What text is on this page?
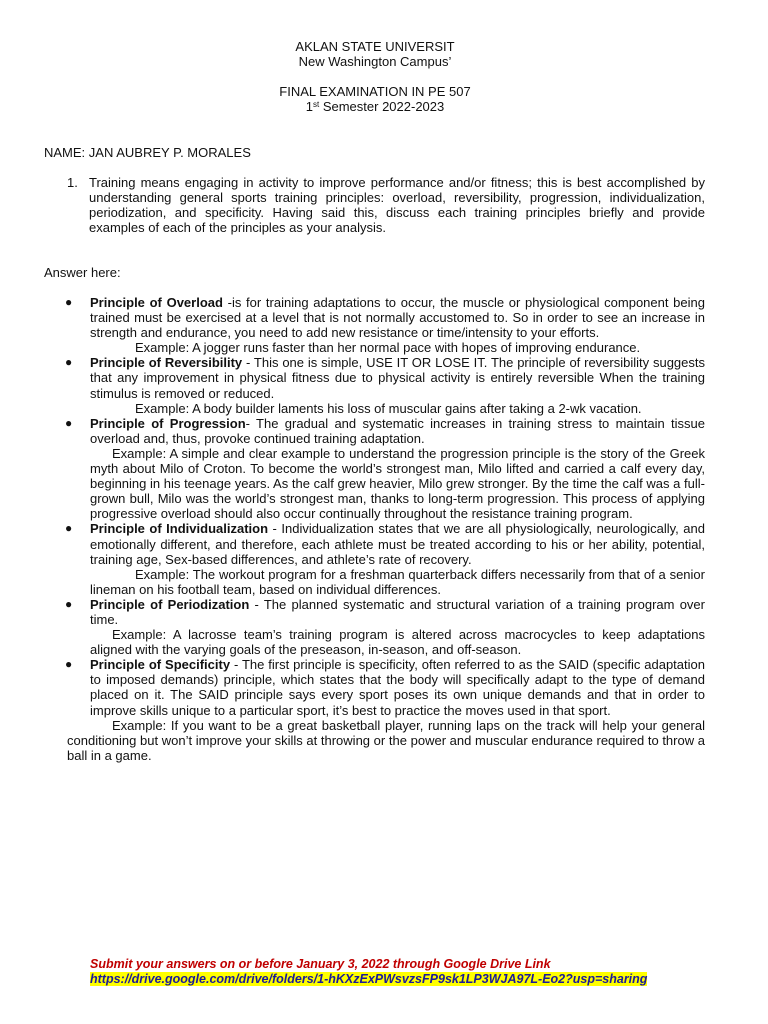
AKLAN STATE UNIVERSIT
New Washington Campus’
FINAL EXAMINATION IN PE 507
1st Semester 2022-2023
NAME: JAN AUBREY P. MORALES
1. Training means engaging in activity to improve performance and/or fitness; this is best accomplished by understanding general sports training principles: overload, reversibility, progression, individualization, periodization, and specificity. Having said this, discuss each training principles briefly and provide examples of each of the principles as your analysis.
Answer here:
● Principle of Overload -is for training adaptations to occur, the muscle or physiological component being trained must be exercised at a level that is not normally accustomed to. So in order to see an increase in strength and endurance, you need to add new resistance or time/intensity to your efforts.
Example: A jogger runs faster than her normal pace with hopes of improving endurance.
● Principle of Reversibility - This one is simple, USE IT OR LOSE IT. The principle of reversibility suggests that any improvement in physical fitness due to physical activity is entirely reversible When the training stimulus is removed or reduced.
Example: A body builder laments his loss of muscular gains after taking a 2-wk vacation.
● Principle of Progression- The gradual and systematic increases in training stress to maintain tissue overload and, thus, provoke continued training adaptation.
Example: A simple and clear example to understand the progression principle is the story of the Greek myth about Milo of Croton. To become the world’s strongest man, Milo lifted and carried a calf every day, beginning in his teenage years. As the calf grew heavier, Milo grew stronger. By the time the calf was a full-grown bull, Milo was the world’s strongest man, thanks to long-term progression. This process of applying progressive overload should also occur continually throughout the resistance training program.
● Principle of Individualization - Individualization states that we are all physiologically, neurologically, and emotionally different, and therefore, each athlete must be treated according to his or her ability, potential, training age, Sex-based differences, and athlete’s rate of recovery.
Example: The workout program for a freshman quarterback differs necessarily from that of a senior lineman on his football team, based on individual differences.
● Principle of Periodization - The planned systematic and structural variation of a training program over time.
Example: A lacrosse team’s training program is altered across macrocycles to keep adaptations aligned with the varying goals of the preseason, in-season, and off-season.
● Principle of Specificity - The first principle is specificity, often referred to as the SAID (specific adaptation to imposed demands) principle, which states that the body will specifically adapt to the type of demand placed on it. The SAID principle says every sport poses its own unique demands and that in order to improve skills unique to a particular sport, it’s best to practice the moves used in that sport.
Example: If you want to be a great basketball player, running laps on the track will help your general conditioning but won’t improve your skills at throwing or the power and muscular endurance required to throw a ball in a game.
Submit your answers on or before January 3, 2022 through Google Drive Link
https://drive.google.com/drive/folders/1-hKXzExPWsvzsFP9sk1LP3WJA97L-Eo2?usp=sharing
